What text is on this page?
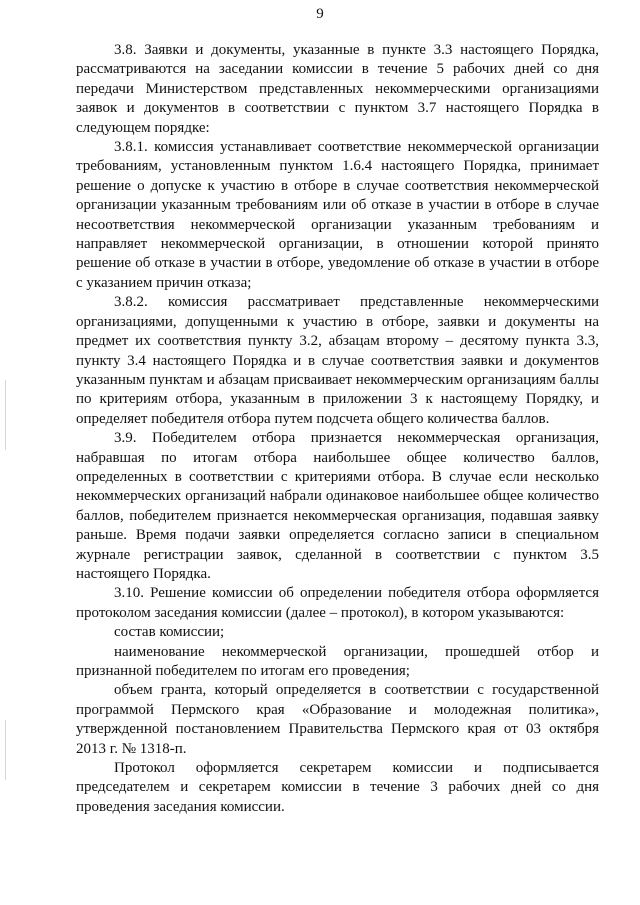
9

3.8. Заявки и документы, указанные в пункте 3.3 настоящего Порядка, рассматриваются на заседании комиссии в течение 5 рабочих дней со дня передачи Министерством представленных некоммерческими организациями заявок и документов в соответствии с пунктом 3.7 настоящего Порядка в следующем порядке:

3.8.1. комиссия устанавливает соответствие некоммерческой организации требованиям, установленным пунктом 1.6.4 настоящего Порядка, принимает решение о допуске к участию в отборе в случае соответствия некоммерческой организации указанным требованиям или об отказе в участии в отборе в случае несоответствия некоммерческой организации указанным требованиям и направляет некоммерческой организации, в отношении которой принято решение об отказе в участии в отборе, уведомление об отказе в участии в отборе с указанием причин отказа;

3.8.2. комиссия рассматривает представленные некоммерческими организациями, допущенными к участию в отборе, заявки и документы на предмет их соответствия пункту 3.2, абзацам второму – десятому пункта 3.3, пункту 3.4 настоящего Порядка и в случае соответствия заявки и документов указанным пунктам и абзацам присваивает некоммерческим организациям баллы по критериям отбора, указанным в приложении 3 к настоящему Порядку, и определяет победителя отбора путем подсчета общего количества баллов.

3.9. Победителем отбора признается некоммерческая организация, набравшая по итогам отбора наибольшее общее количество баллов, определенных в соответствии с критериями отбора. В случае если несколько некоммерческих организаций набрали одинаковое наибольшее общее количество баллов, победителем признается некоммерческая организация, подавшая заявку раньше. Время подачи заявки определяется согласно записи в специальном журнале регистрации заявок, сделанной в соответствии с пунктом 3.5 настоящего Порядка.

3.10. Решение комиссии об определении победителя отбора оформляется протоколом заседания комиссии (далее – протокол), в котором указываются:

состав комиссии;

наименование некоммерческой организации, прошедшей отбор и признанной победителем по итогам его проведения;

объем гранта, который определяется в соответствии с государственной программой Пермского края «Образование и молодежная политика», утвержденной постановлением Правительства Пермского края от 03 октября 2013 г. № 1318-п.

Протокол оформляется секретарем комиссии и подписывается председателем и секретарем комиссии в течение 3 рабочих дней со дня проведения заседания комиссии.
